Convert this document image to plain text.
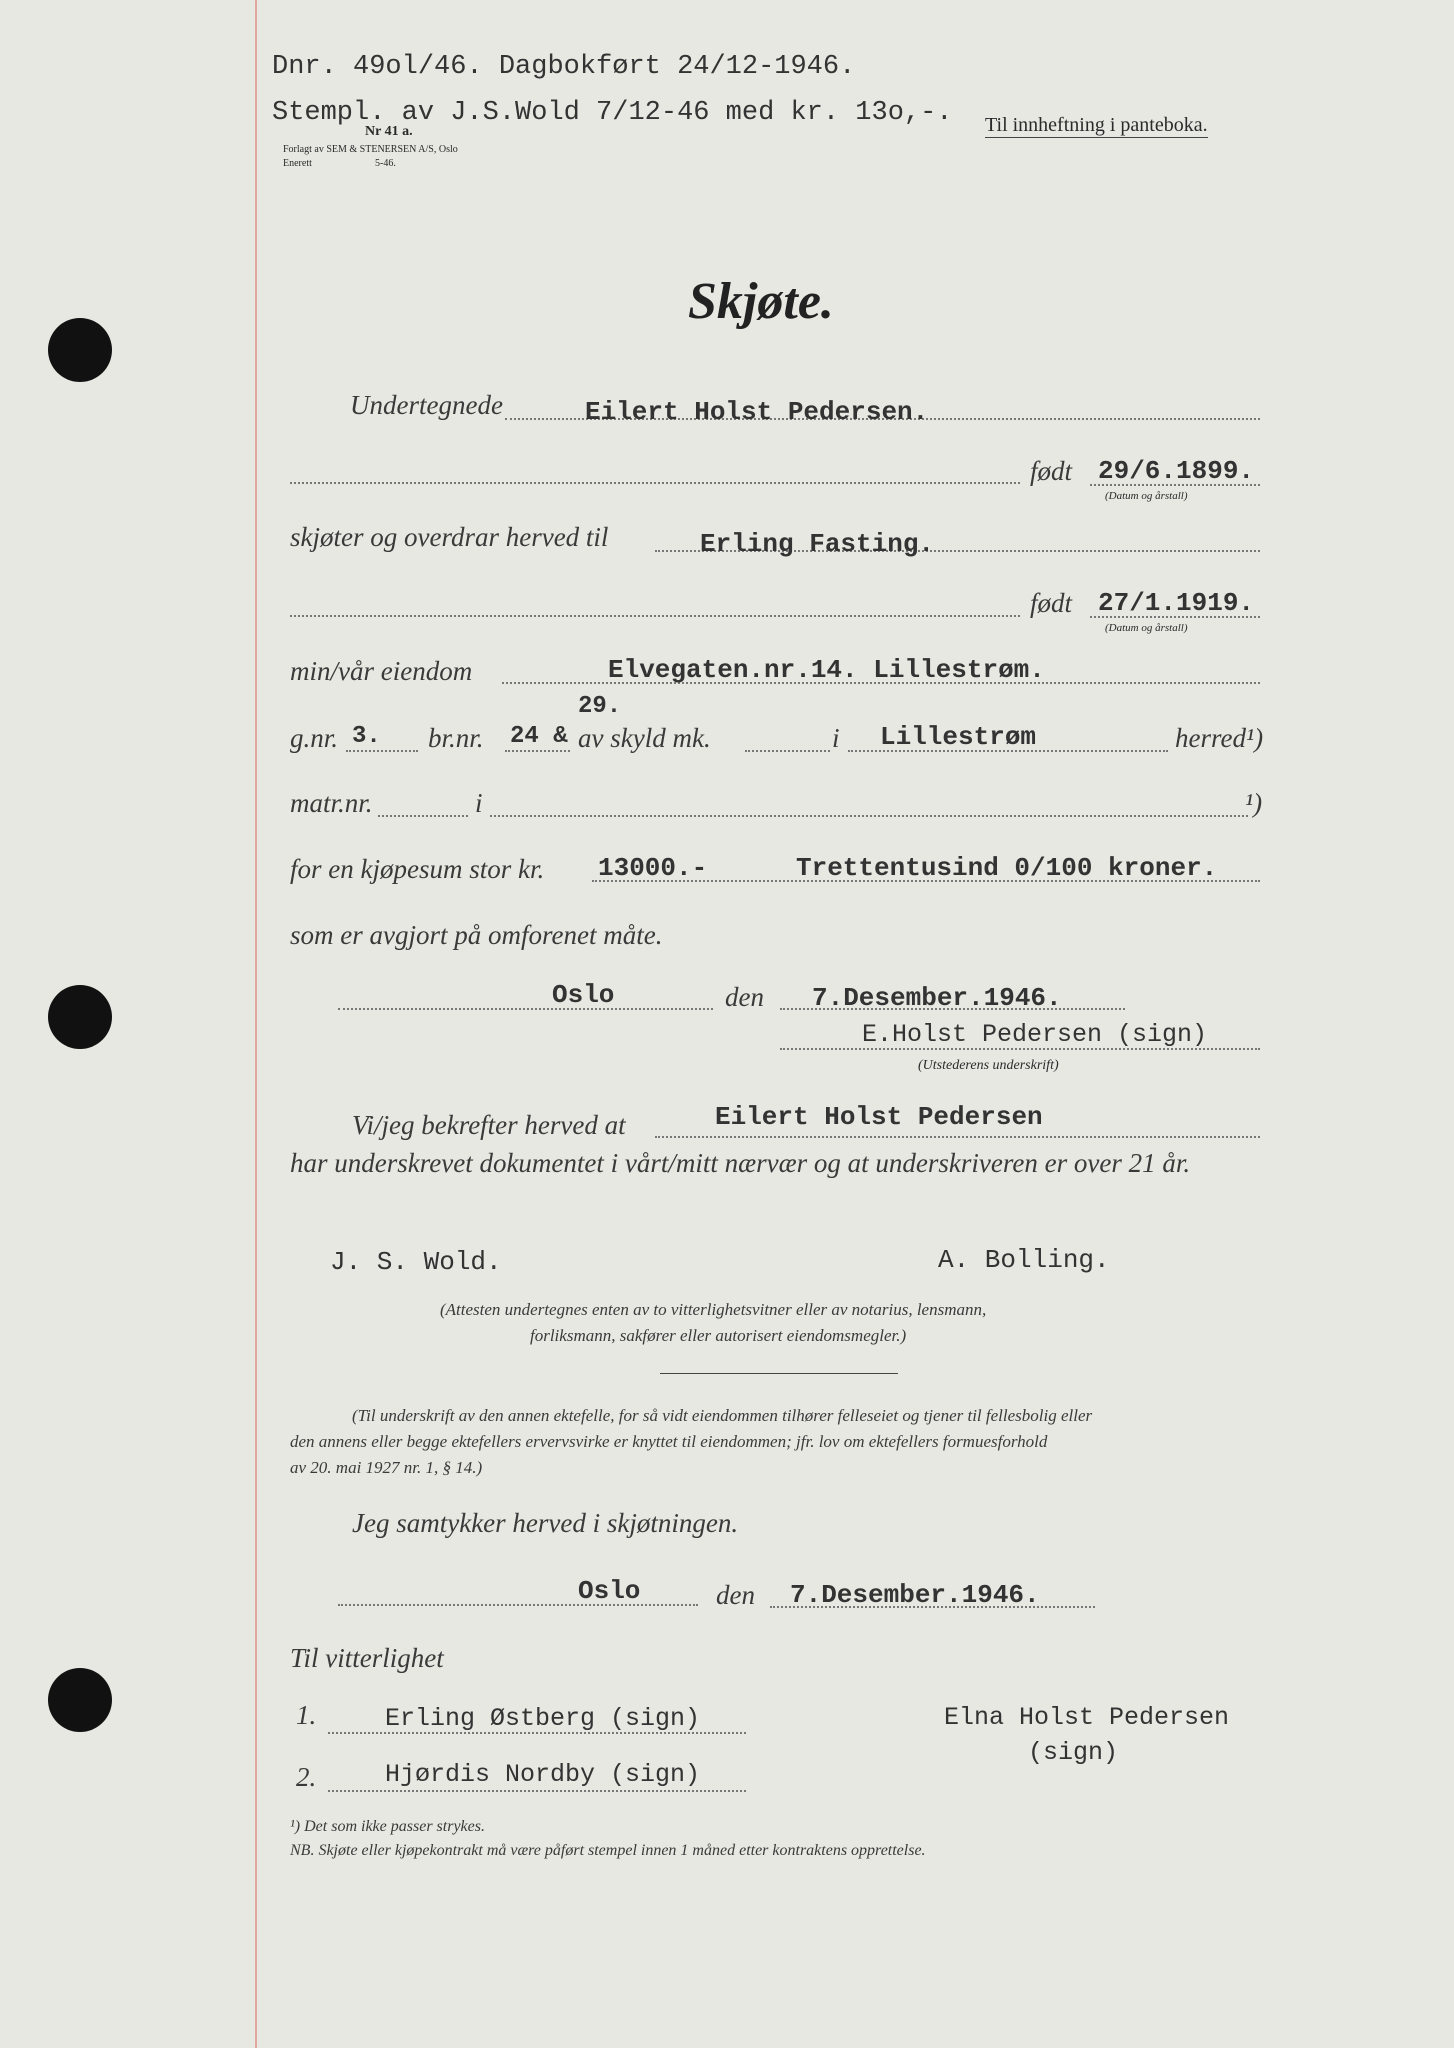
Dnr. 49ol/46. Dagbokført 24/12-1946.
Stempl. av J.S.Wold 7/12-46 med kr. 13o,-.
Nr 41 a.
Forlagt av SEM & STENERSEN A/S, Oslo
Enerett	5-46.
Til innheftning i panteboka.
Skjøte.
Undertegnede	Eilert Holst Pedersen.
født 29/6.1899.
(Datum og årstall)
skjøter og overdrar herved til	Erling Fasting.
født 27/1.1919.
(Datum og årstall)
min/vår eiendom	Elvegaten.nr.14. Lillestrøm.
29.
g.nr. 3. br.nr. 24 & av skyld mk.	i Lillestrøm	herred¹)
matr.nr.	i	¹)
for en kjøpesum stor kr. 13000.-	Trettentusind 0/100 kroner.
som er avgjort på omforenet måte.
Oslo	den 7.Desember.1946.
E.Holst Pedersen (sign)
(Utstederens underskrift)
Vi/jeg bekrefter herved at	Eilert Holst Pedersen
har underskrevet dokumentet i vårt/mitt nærvær og at underskriveren er over 21 år.
J. S. Wold.	A. Bolling.
(Attesten undertegnes enten av to vitterlighetsvitner eller av notarius, lensmann,
forliksmann, sakfører eller autorisert eiendomsmegler.)
(Til underskrift av den annen ektefelle, for så vidt eiendommen tilhører felleseiet og tjener til fellesbolig eller
den annens eller begge ektefellers ervervsvirke er knyttet til eiendommen; jfr. lov om ektefellers formuesforhold
av 20. mai 1927 nr. 1, § 14.)
Jeg samtykker herved i skjøtningen.
Oslo	den 7.Desember.1946.
Til vitterlighet
1.	Erling Østberg (sign)
2.	Hjørdis Nordby (sign)
Elna Holst Pedersen
(sign)
¹) Det som ikke passer strykes.
NB. Skjøte eller kjøpekontrakt må være påført stempel innen 1 måned etter kontraktens opprettelse.
